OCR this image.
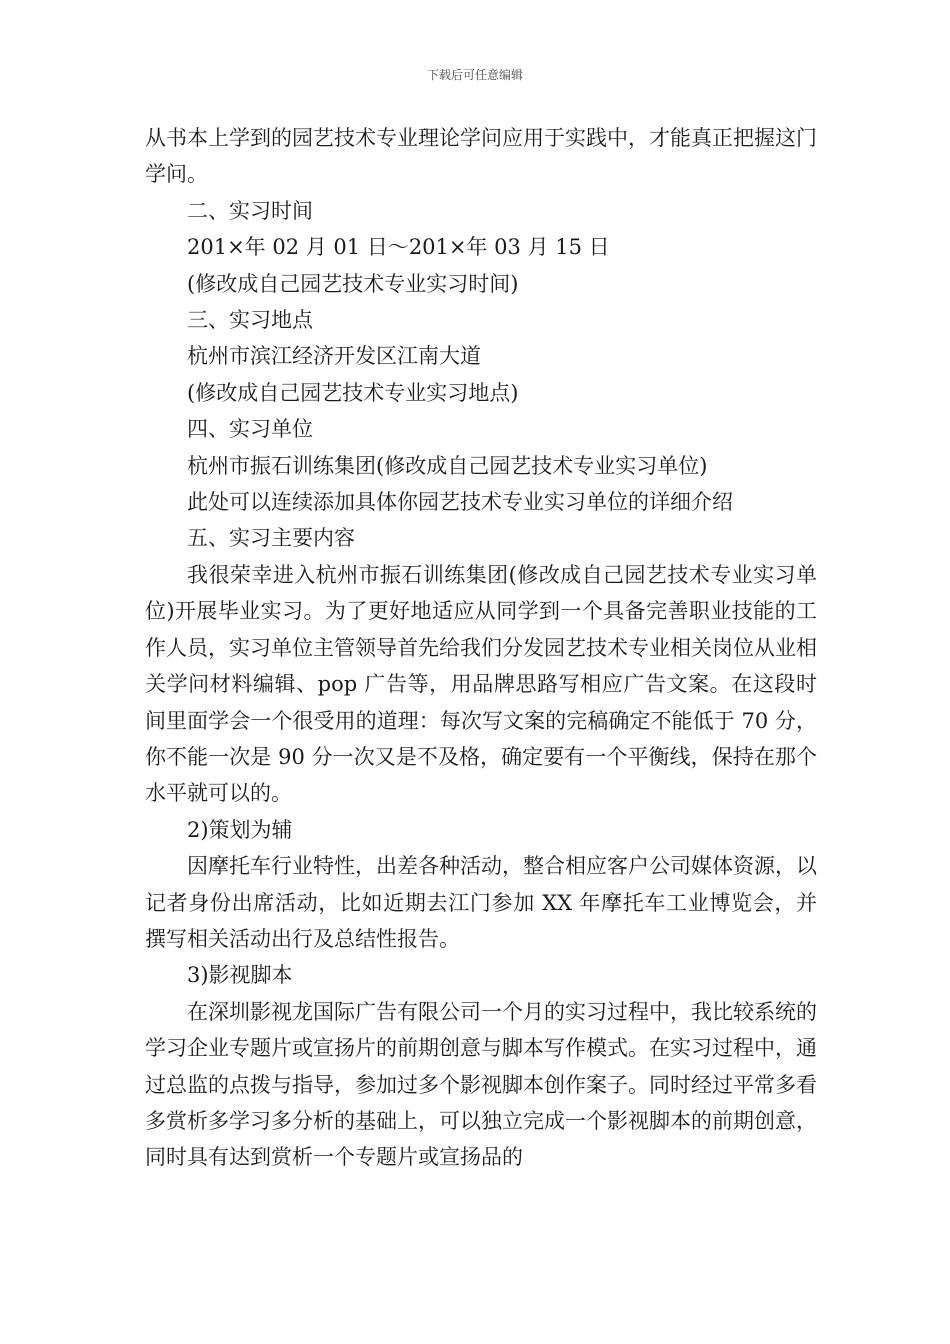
下载后可任意编辑

从书本上学到的园艺技术专业理论学问应用于实践中，才能真正把握这门学问。

二、实习时间

201×年 02 月 01 日～201×年 03 月 15 日

(修改成自己园艺技术专业实习时间)

三、实习地点

杭州市滨江经济开发区江南大道

(修改成自己园艺技术专业实习地点)

四、实习单位

杭州市振石训练集团(修改成自己园艺技术专业实习单位)

此处可以连续添加具体你园艺技术专业实习单位的详细介绍

五、实习主要内容

我很荣幸进入杭州市振石训练集团(修改成自己园艺技术专业实习单位)开展毕业实习。为了更好地适应从同学到一个具备完善职业技能的工作人员，实习单位主管领导首先给我们分发园艺技术专业相关岗位从业相关学问材料编辑、pop 广告等，用品牌思路写相应广告文案。在这段时间里面学会一个很受用的道理：每次写文案的完稿确定不能低于 70 分，你不能一次是 90 分一次又是不及格，确定要有一个平衡线，保持在那个水平就可以的。

2)策划为辅

因摩托车行业特性，出差各种活动，整合相应客户公司媒体资源，以记者身份出席活动，比如近期去江门参加 XX 年摩托车工业博览会，并撰写相关活动出行及总结性报告。

3)影视脚本

在深圳影视龙国际广告有限公司一个月的实习过程中，我比较系统的学习企业专题片或宣扬片的前期创意与脚本写作模式。在实习过程中，通过总监的点拨与指导，参加过多个影视脚本创作案子。同时经过平常多看多赏析多学习多分析的基础上，可以独立完成一个影视脚本的前期创意，同时具有达到赏析一个专题片或宣扬品的
